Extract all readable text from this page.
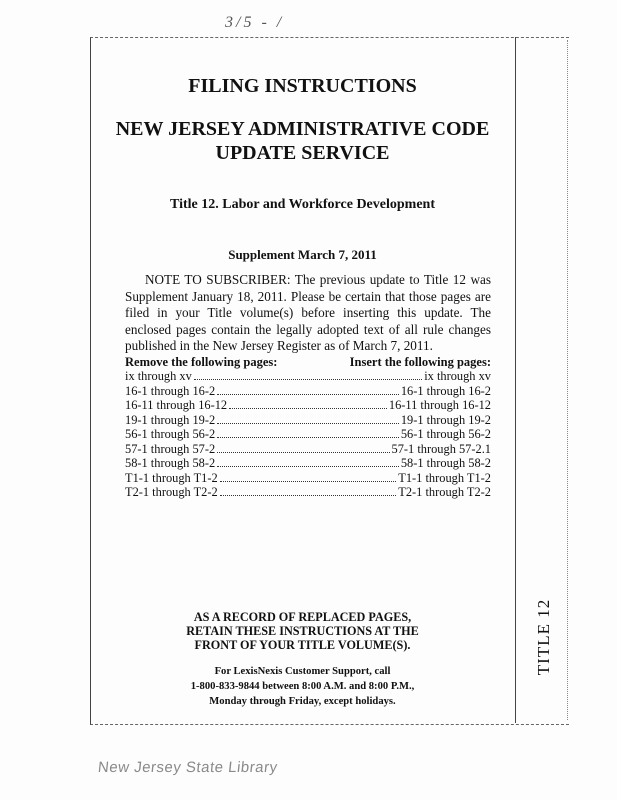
3/5 - /
FILING INSTRUCTIONS
NEW JERSEY ADMINISTRATIVE CODE
UPDATE SERVICE
Title 12. Labor and Workforce Development
Supplement March 7, 2011

NOTE TO SUBSCRIBER: The previous update to Title 12 was Supplement January 18, 2011. Please be certain that those pages are filed in your Title volume(s) before inserting this update. The enclosed pages contain the legally adopted text of all rule changes published in the New Jersey Register as of March 7, 2011.

Remove the following pages:	Insert the following pages:
ix through xv	ix through xv
16-1 through 16-2	16-1 through 16-2
16-11 through 16-12	16-11 through 16-12
19-1 through 19-2	19-1 through 19-2
56-1 through 56-2	56-1 through 56-2
57-1 through 57-2	57-1 through 57-2.1
58-1 through 58-2	58-1 through 58-2
T1-1 through T1-2	T1-1 through T1-2
T2-1 through T2-2	T2-1 through T2-2
AS A RECORD OF REPLACED PAGES,
RETAIN THESE INSTRUCTIONS AT THE
FRONT OF YOUR TITLE VOLUME(S).
For LexisNexis Customer Support, call
1-800-833-9844 between 8:00 A.M. and 8:00 P.M.,
Monday through Friday, except holidays.
TITLE 12
New Jersey State Library
